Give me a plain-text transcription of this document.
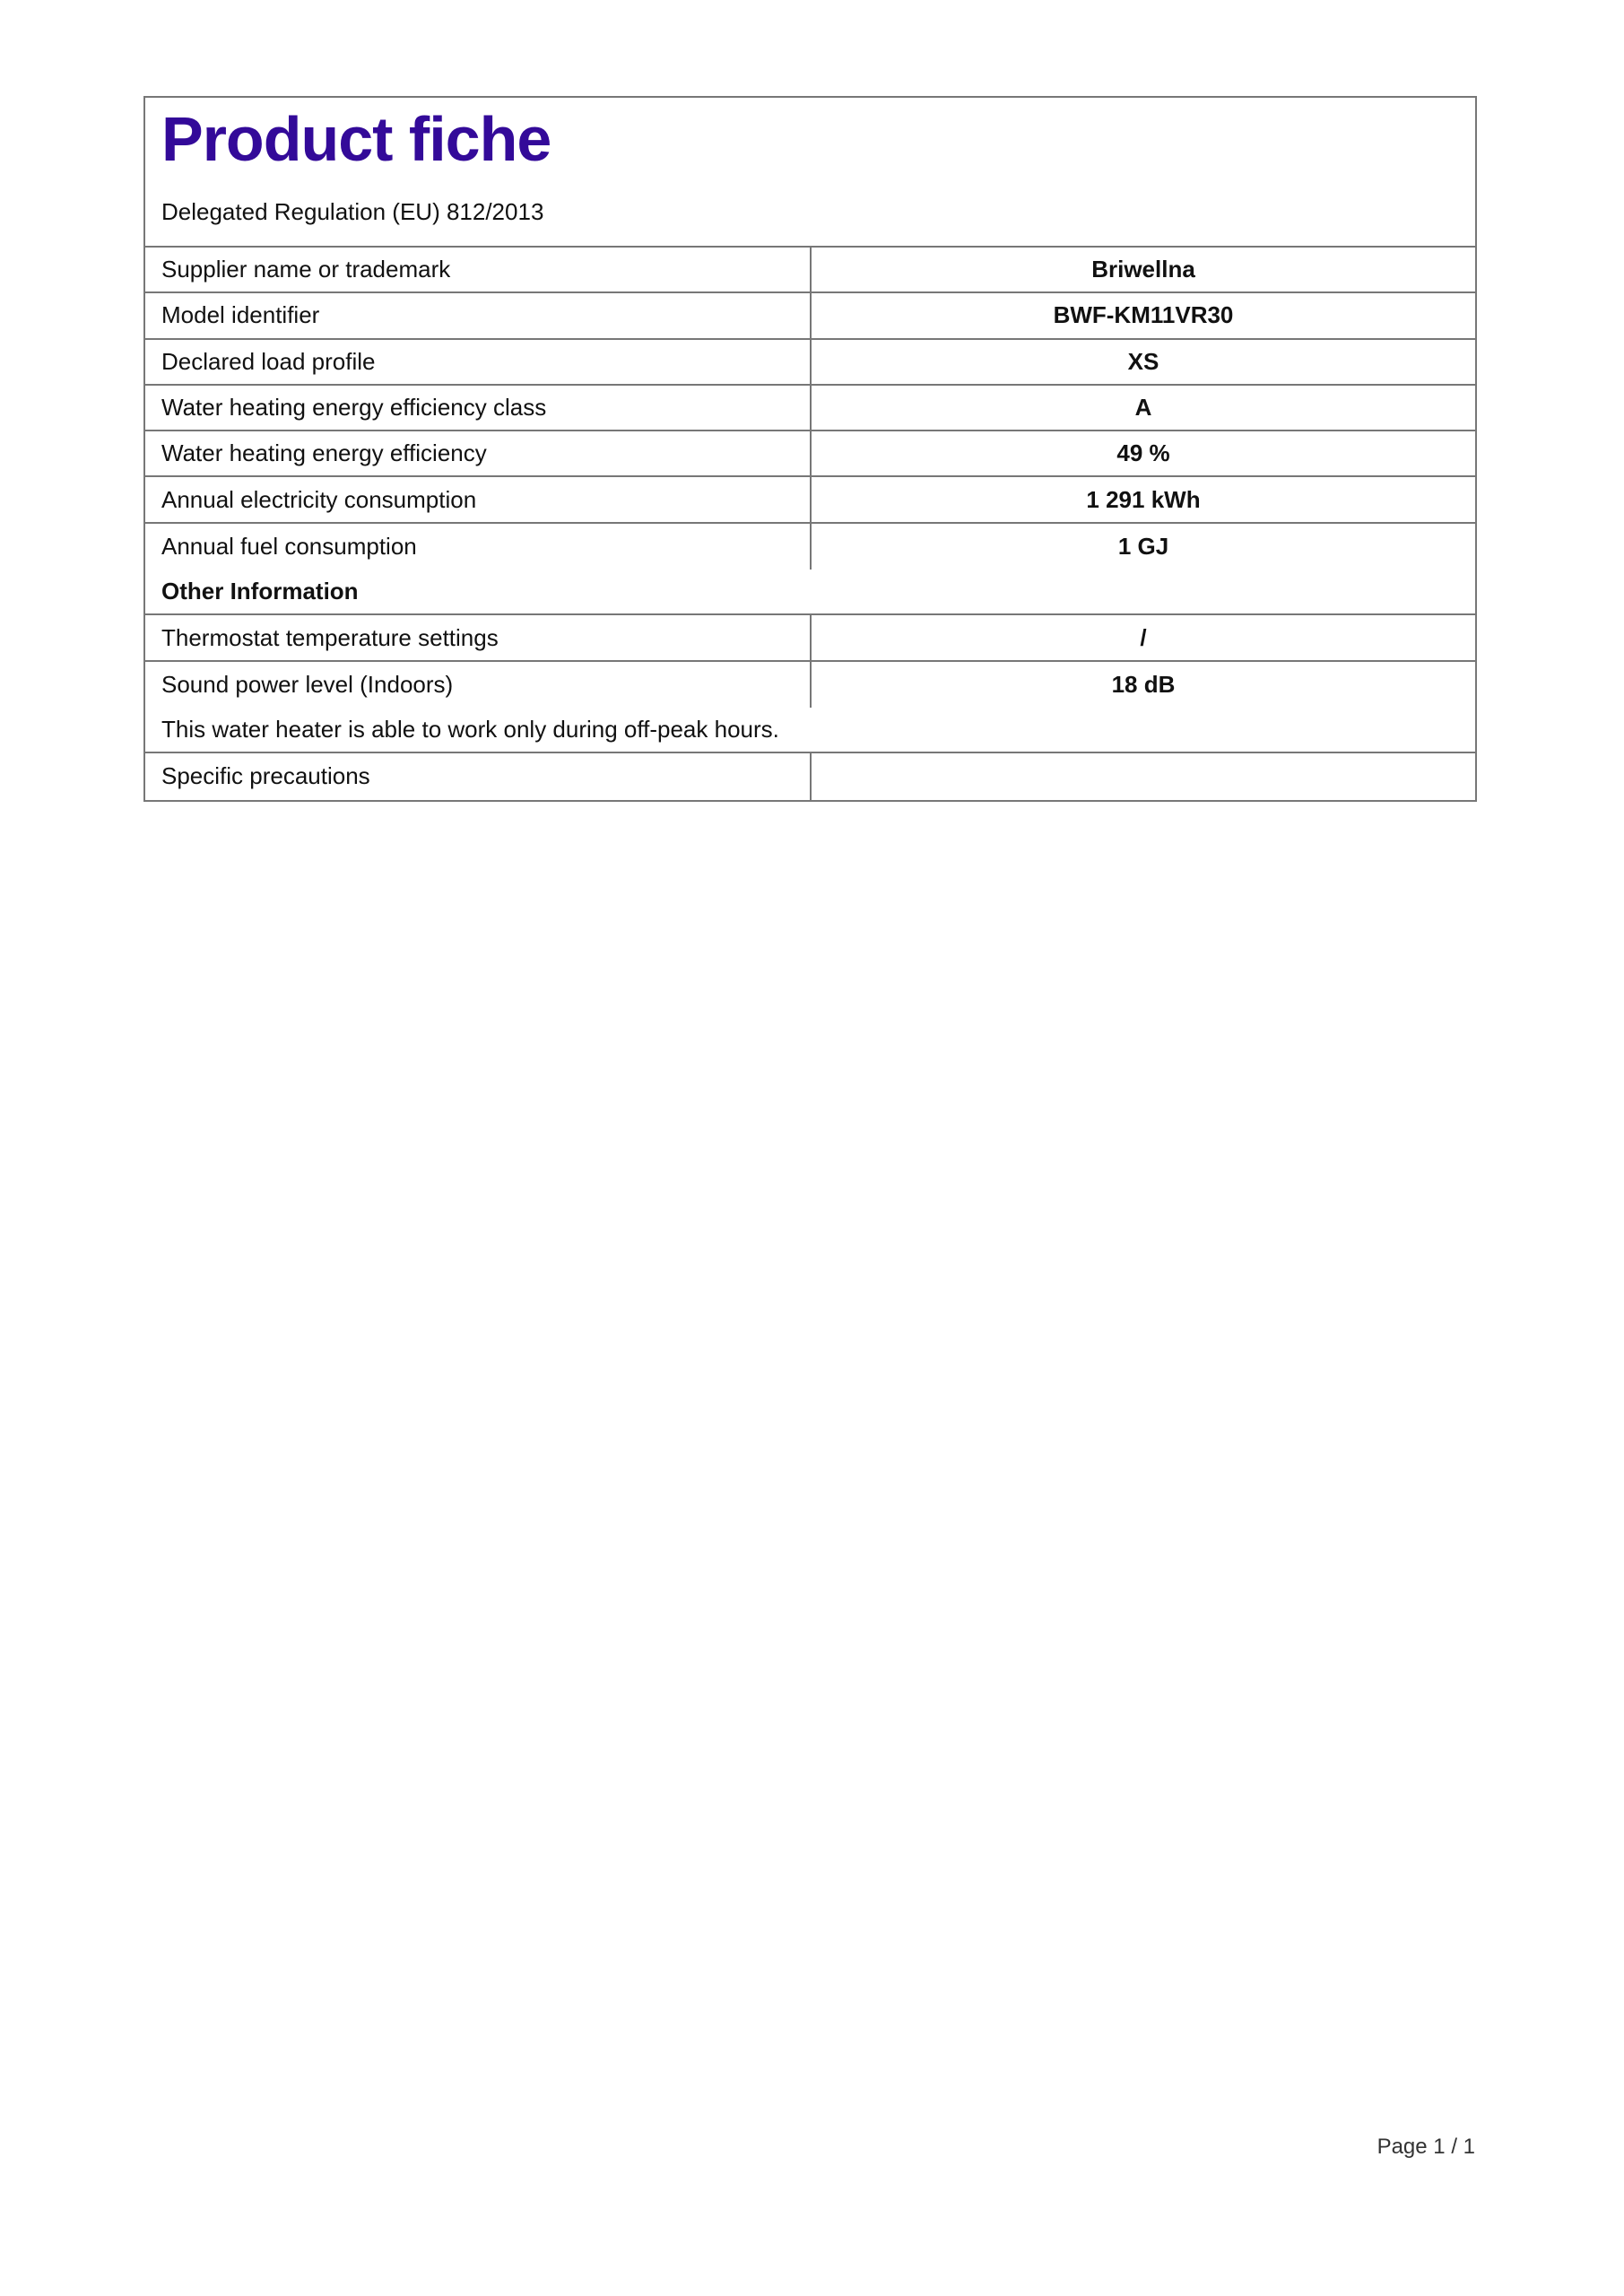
Product fiche
Delegated Regulation (EU) 812/2013
Supplier name or trademark	Briwellna
Model identifier	BWF-KM11VR30
Declared load profile	XS
Water heating energy efficiency class	A
Water heating energy efficiency	49 %
Annual electricity consumption	1 291 kWh
Annual fuel consumption	1 GJ
Other Information
Thermostat temperature settings	/
Sound power level (Indoors)	18 dB
This water heater is able to work only during off-peak hours.
Specific precautions
Page 1 / 1
